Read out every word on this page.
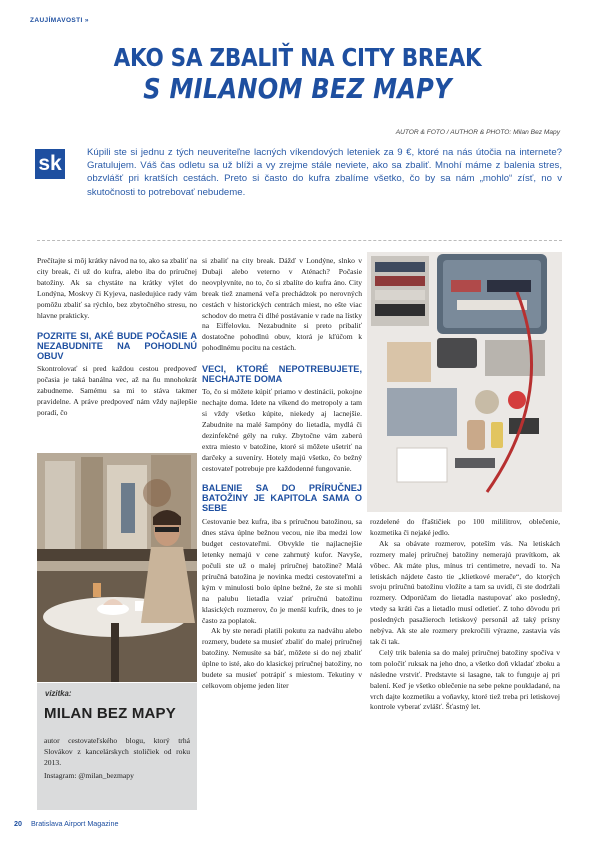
ZAUJÍMAVOSTI »
AKO SA ZBALIŤ NA CITY BREAK
S MILANOM BEZ MAPY
AUTOR & FOTO / AUTHOR & PHOTO: Milan Bez Mapy
sk	Kúpili ste si jednu z tých neuveriteľne lacných víkendových leteniek za 9 €, ktoré na nás útočia na internete? Gratulujem. Váš čas odletu sa už blíži a vy zrejme stále neviete, ako sa zbaliť. Mnohí máme z balenia stres, obzvlášť pri kratších cestách. Preto si často do kufra zbalíme všetko, čo by sa nám „mohlo“ zísť, no v skutočnosti to potrebovať nebudeme.

Prečítajte si môj krátky návod na to, ako sa zbaliť na city break, či už do kufra, alebo iba do príručnej batožiny. Ak sa chystáte na krátky výlet do Londýna, Moskvy či Kyjeva, nasledujúce rady vám pomôžu zbaliť sa rýchlo, bez zbytočného stresu, no hlavne prakticky.

POZRITE SI, AKÉ BUDE POČASIE A NEZABUDNITE NA POHODLNÚ OBUV

Skontrolovať si pred každou cestou predpoveď počasia je taká banálna vec, až na ňu mnohokrát zabudneme. Samému sa mi to stáva takmer pravidelne. A práve predpoveď nám vždy najlepšie poradí, čo

vizitka:
MILAN BEZ MAPY
autor cestovateľského blogu, ktorý trhá Slovákov z kancelárskych stoličiek od roku 2013.
Instagram: @milan_bezmapy

si zbaliť na city break. Dážď v Londýne, slnko v Dubaji alebo veterno v Aténach? Počasie neovplyvníte, no to, čo si zbalíte do kufra áno. City break tiež znamená veľa prechádzok po nerovných cestách v historických centrách miest, no ešte viac schodov do metra či dlhé postávanie v rade na lístky na Eiffelovku. Nezabudnite si preto pribaliť dostatočne pohodlnú obuv, ktorá je kľúčom k pohodlnému pocitu na cestách.

VECI, KTORÉ NEPOTREBUJETE, NECHAJTE DOMA

To, čo si môžete kúpiť priamo v destinácii, pokojne nechajte doma. Idete na víkend do metropoly a tam si vždy všetko kúpite, niekedy aj lacnejšie. Zabudnite na malé šampóny do lietadla, mydlá či dezinfekčné gély na ruky. Zbytočne vám zaberú extra miesto v batožine, ktoré si môžete ušetriť na darčeky a suveníry. Hotely majú všetko, čo bežný cestovateľ potrebuje pre každodenné fungovanie.

BALENIE SA DO PRÍRUČNEJ BATOŽINY JE KAPITOLA SAMA O SEBE

Cestovanie bez kufra, iba s príručnou batožinou, sa dnes stáva úplne bežnou vecou, nie iba medzi low budget cestovateľmi. Obvykle tie najlacnejšie letenky nemajú v cene zahrnutý kufor. Navyše, počuli ste už o malej príručnej batožine? Malá príručná batožina je novinka medzi cestovateľmi a kým v minulosti bolo úplne bežné, že ste si mohli na palubu lietadla vziať príručnú batožinu klasických rozmerov, čo je menší kufrík, dnes to je často za poplatok.

Ak by ste neradi platili pokutu za nadváhu alebo rozmery, budete sa musieť zbaliť do malej príručnej batožiny. Nemusíte sa báť, môžete si do nej zbaliť úplne to isté, ako do klasickej príručnej batožiny, no budete sa musieť potrápiť s miestom. Tekutiny v celkovom objeme jeden liter

rozdelené do fľaštičiek po 100 mililitrov, oblečenie, kozmetika či nejaké jedlo.

Ak sa obávate rozmerov, poteším vás. Na letiskách rozmery malej príručnej batožiny nemerajú pravítkom, ak vôbec. Ak máte plus, mínus tri centimetre, nevadí to. Na letiskách nájdete často tie „klietkové merače“, do ktorých svoju príručnú batožinu vložíte a tam sa uvidí, či ste dodržali rozmery. Odporúčam do lietadla nastupovať ako posledný, vtedy sa kráti čas a lietadlo musí odletieť. Z toho dôvodu pri posledných pasažieroch letiskový personál až taký prísny nebýva. Ak ste ale rozmery prekročili výrazne, zastavia vás tak či tak.

Celý trik balenia sa do malej príručnej batožiny spočíva v tom poločiť ruksak na jeho dno, a všetko doň vkladať zboku a následne vrstviť. Predstavte si lasagne, tak to funguje aj pri balení. Keď je všetko oblečenie na sebe pekne poukladané, na vrch dajte kozmetiku a voňavky, ktoré tiež treba pri letiskovej kontrole vyberať zvlášť. Šťastný let.

20 Bratislava Airport Magazine
